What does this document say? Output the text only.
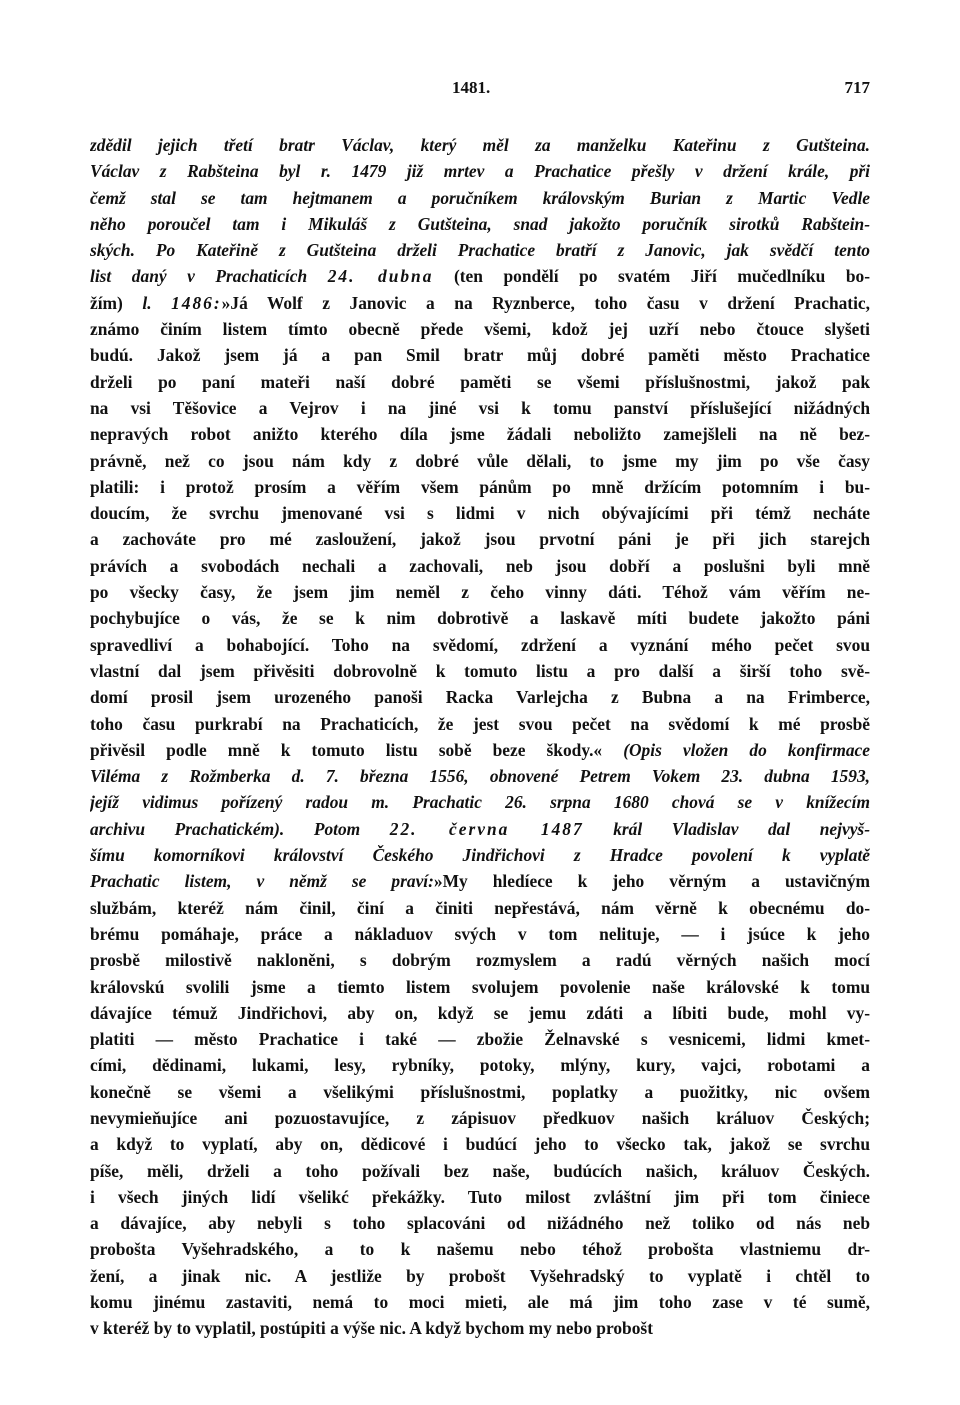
1481.	717
zdědil jejich třetí bratr Václav, který měl za manželku Kateřinu z Gutšteina.
Václav z Rabšteina byl r. 1479 již mrtev a Prachatice přešly v držení krále, při
čemž stal se tam hejtmanem a poručníkem královským Burian z Martic Vedle
něho poroučel tam i Mikuláš z Gutšteina, snad jakožto poručník sirotků Rabštein-
ských. Po Kateřině z Gutšteina drželi Prachatice bratří z Janovic, jak svědčí tento
list daný v Prachaticích 24. dubna (ten pondělí po svatém Jiří mučedlníku bo-
žím) l. 1486:»Já Wolf z Janovic a na Ryznberce, toho času v držení Prachatic,
známo činím listem tímto obecně přede všemi, kdož jej uzří nebo čtouce slyšeti
budú. Jakož jsem já a pan Smil bratr můj dobré paměti město Prachatice
drželi po paní mateři naší dobré paměti se všemi příslušnostmi, jakož pak
na vsi Těšovice a Vejrov i na jiné vsi k tomu panství příslušející nižádných
nepravých robot anižto kterého díla jsme žádali neboližto zamejšleli na ně bez-
právně, než co jsou nám kdy z dobré vůle dělali, to jsme my jim po vše časy
platili: i protož prosím a věřím všem pánům po mně držícím potomním i bu-
doucím, že svrchu jmenované vsi s lidmi v nich obývajícími při témž necháte
a zachováte pro mé zasloužení, jakož jsou prvotní páni je při jich starejch
právích a svobodách nechali a zachovali, neb jsou dobří a poslušni byli mně
po všecky časy, že jsem jim neměl z čeho vinny dáti. Téhož vám věřím ne-
pochybujíce o vás, že se k nim dobrotivě a laskavě míti budete jakožto páni
spravedliví a bohabojící. Toho na svědomí, zdržení a vyznání mého pečet svou
vlastní dal jsem přivěsiti dobrovolně k tomuto listu a pro další a širší toho svě-
domí prosil jsem urozeného panoši Racka Varlejcha z Bubna a na Frimberce,
toho času purkrabí na Prachaticích, že jest svou pečet na svědomí k mé prosbě
přivěsil podle mně k tomuto listu sobě beze škody.« (Opis vložen do konfirmace
Viléma z Rožmberka d. 7. března 1556, obnovené Petrem Vokem 23. dubna 1593,
jejíž vidimus pořízený radou m. Prachatic 26. srpna 1680 chová se v knížecím
archivu Prachatickém). Potom 22. června 1487 král Vladislav dal nejvyš-
šímu komorníkovi království Českého Jindřichovi z Hradce povolení k vyplatě
Prachatic listem, v němž se praví:»My hledíece k jeho věrným a ustavičným
službám, kteréž nám činil, činí a činiti nepřestává, nám věrně k obecnému do-
brému pomáhaje, práce a nákladuov svých v tom nelituje, — i jsúce k jeho
prosbě milostivě nakloněni, s dobrým rozmyslem a radú věrných našich mocí
královskú svolili jsme a tiemto listem svolujem povolenie naše královské k tomu
dávajíce témuž Jindřichovi, aby on, když se jemu zdáti a líbiti bude, mohl vy-
platiti — město Prachatice i také — zbožie Želnavské s vesnicemi, lidmi kmet-
cími, dědinami, lukami, lesy, rybníky, potoky, mlýny, kury, vajci, robotami a
konečně se všemi a všelikými příslušnostmi, poplatky a puožitky, nic ovšem
nevymieňujíce ani pozuostavujíce, z zápisuov předkuov našich králuov Českých;
a když to vyplatí, aby on, dědicové i budúcí jeho to všecko tak, jakož se svrchu
píše, měli, drželi a toho požívali bez naše, budúcích našich, králuov Českých.
i všech jiných lidí všelikć překážky. Tuto milost zvláštní jim při tom činiece
a dávajíce, aby nebyli s toho splacováni od nižádného než toliko od nás neb
probošta Vyšehradského, a to k našemu nebo téhož probošta vlastniemu dr-
žení, a jinak nic. A jestliže by probošt Vyšehradský to vyplatě i chtěl to
komu jinému zastaviti, nemá to moci mieti, ale má jim toho zase v té sumě,
v kteréž by to vyplatil, postúpiti a výše nic. A když bychom my nebo probošt
